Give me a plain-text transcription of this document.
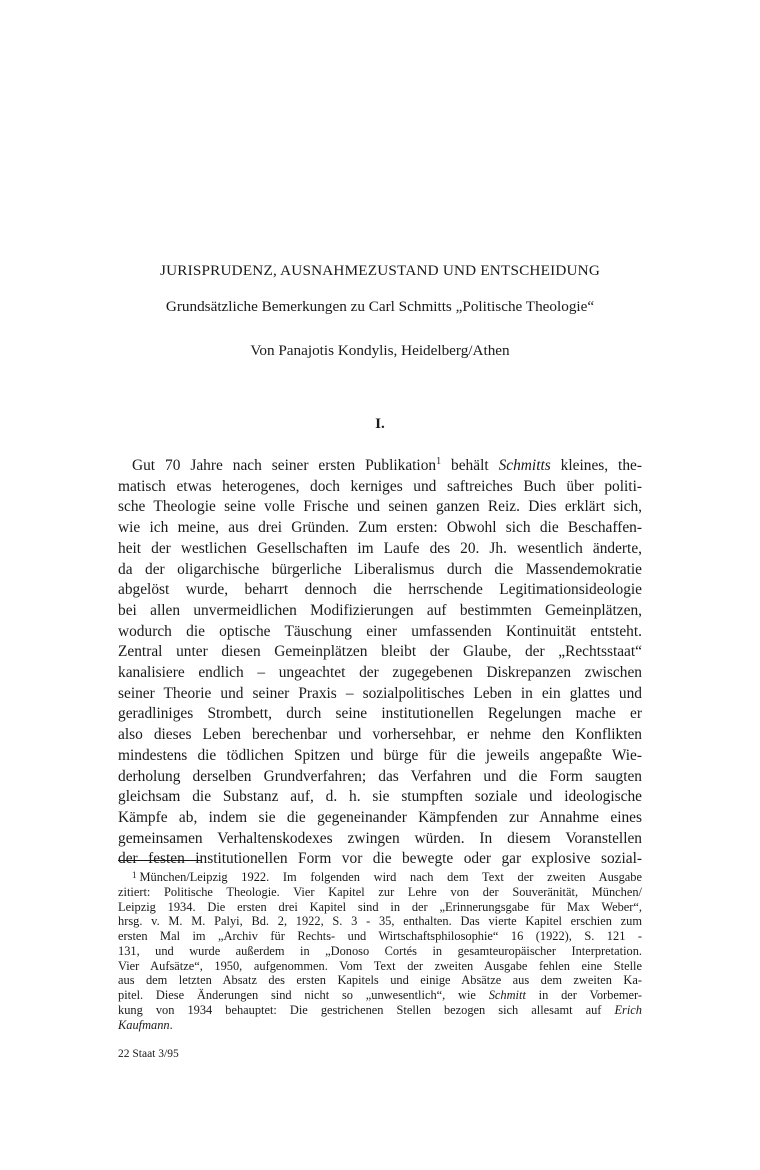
JURISPRUDENZ, AUSNAHMEZUSTAND UND ENTSCHEIDUNG

Grundsätzliche Bemerkungen zu Carl Schmitts „Politische Theologie“

Von Panajotis Kondylis, Heidelberg/Athen

I.

Gut 70 Jahre nach seiner ersten Publikation$^1$ behält Schmitts kleines, the-
matisch etwas heterogenes, doch kerniges und saftreiches Buch über politi-
sche Theologie seine volle Frische und seinen ganzen Reiz. Dies erklärt sich,
wie ich meine, aus drei Gründen. Zum ersten: Obwohl sich die Beschaffen-
heit der westlichen Gesellschaften im Laufe des 20. Jh. wesentlich änderte,
da der oligarchische bürgerliche Liberalismus durch die Massendemokratie
abgelöst wurde, beharrt dennoch die herrschende Legitimationsideologie
bei allen unvermeidlichen Modifizierungen auf bestimmten Gemeinplätzen,
wodurch die optische Täuschung einer umfassenden Kontinuität entsteht.
Zentral unter diesen Gemeinplätzen bleibt der Glaube, der „Rechtsstaat“
kanalisiere endlich – ungeachtet der zugegebenen Diskrepanzen zwischen
seiner Theorie und seiner Praxis – sozialpolitisches Leben in ein glattes und
geradliniges Strombett, durch seine institutionellen Regelungen mache er
also dieses Leben berechenbar und vorhersehbar, er nehme den Konflikten
mindestens die tödlichen Spitzen und bürge für die jeweils angepaßte Wie-
derholung derselben Grundverfahren; das Verfahren und die Form saugten
gleichsam die Substanz auf, d. h. sie stumpften soziale und ideologische
Kämpfe ab, indem sie die gegeneinander Kämpfenden zur Annahme eines
gemeinsamen Verhaltenskodexes zwingen würden. In diesem Voranstellen
der festen institutionellen Form vor die bewegte oder gar explosive sozial-

$^1$ München/Leipzig 1922. Im folgenden wird nach dem Text der zweiten Ausgabe
zitiert: Politische Theologie. Vier Kapitel zur Lehre von der Souveränität, München/
Leipzig 1934. Die ersten drei Kapitel sind in der „Erinnerungsgabe für Max Weber“,
hrsg. v. M. M. Palyi, Bd. 2, 1922, S. 3 - 35, enthalten. Das vierte Kapitel erschien zum
ersten Mal im „Archiv für Rechts- und Wirtschaftsphilosophie“ 16 (1922), S. 121 -
131, und wurde außerdem in „Donoso Cortés in gesamteuropäischer Interpretation.
Vier Aufsätze“, 1950, aufgenommen. Vom Text der zweiten Ausgabe fehlen eine Stelle
aus dem letzten Absatz des ersten Kapitels und einige Absätze aus dem zweiten Ka-
pitel. Diese Änderungen sind nicht so „unwesentlich“, wie Schmitt in der Vorbemer-
kung von 1934 behauptet: Die gestrichenen Stellen bezogen sich allesamt auf Erich
Kaufmann.

22 Staat 3/95
